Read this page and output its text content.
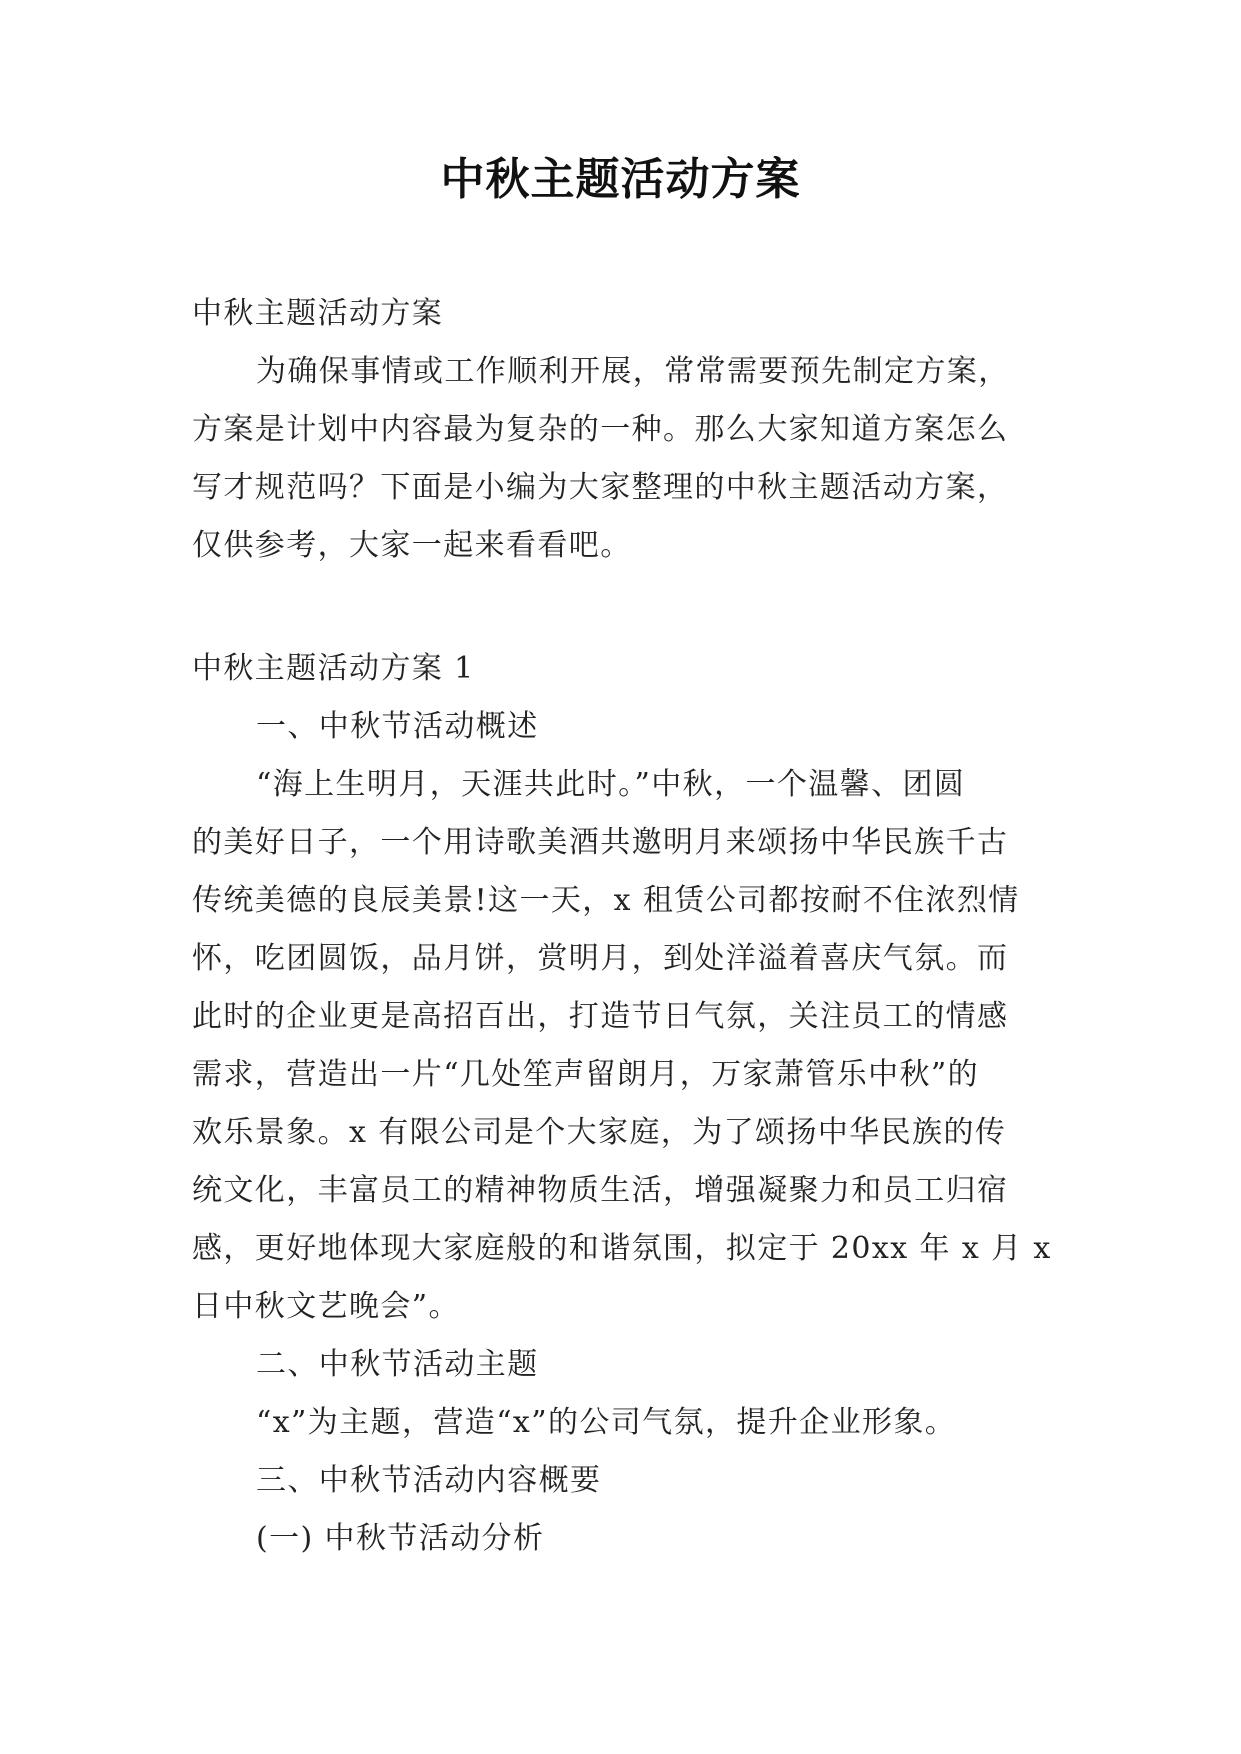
中秋主题活动方案
中秋主题活动方案
为确保事情或工作顺利开展，常常需要预先制定方案，
方案是计划中内容最为复杂的一种。那么大家知道方案怎么
写才规范吗？下面是小编为大家整理的中秋主题活动方案，
仅供参考，大家一起来看看吧。
中秋主题活动方案 1
一、中秋节活动概述
“海上生明月，天涯共此时。”中秋，一个温馨、团圆
的美好日子，一个用诗歌美酒共邀明月来颂扬中华民族千古
传统美德的良辰美景!这一天，x 租赁公司都按耐不住浓烈情
怀，吃团圆饭，品月饼，赏明月，到处洋溢着喜庆气氛。而
此时的企业更是高招百出，打造节日气氛，关注员工的情感
需求，营造出一片“几处笙声留朗月，万家萧管乐中秋”的
欢乐景象。x 有限公司是个大家庭，为了颂扬中华民族的传
统文化，丰富员工的精神物质生活，增强凝聚力和员工归宿
感，更好地体现大家庭般的和谐氛围，拟定于 20xx 年 x 月 x
日中秋文艺晚会”。
二、中秋节活动主题
“x”为主题，营造“x”的公司气氛，提升企业形象。
三、中秋节活动内容概要
(一) 中秋节活动分析
